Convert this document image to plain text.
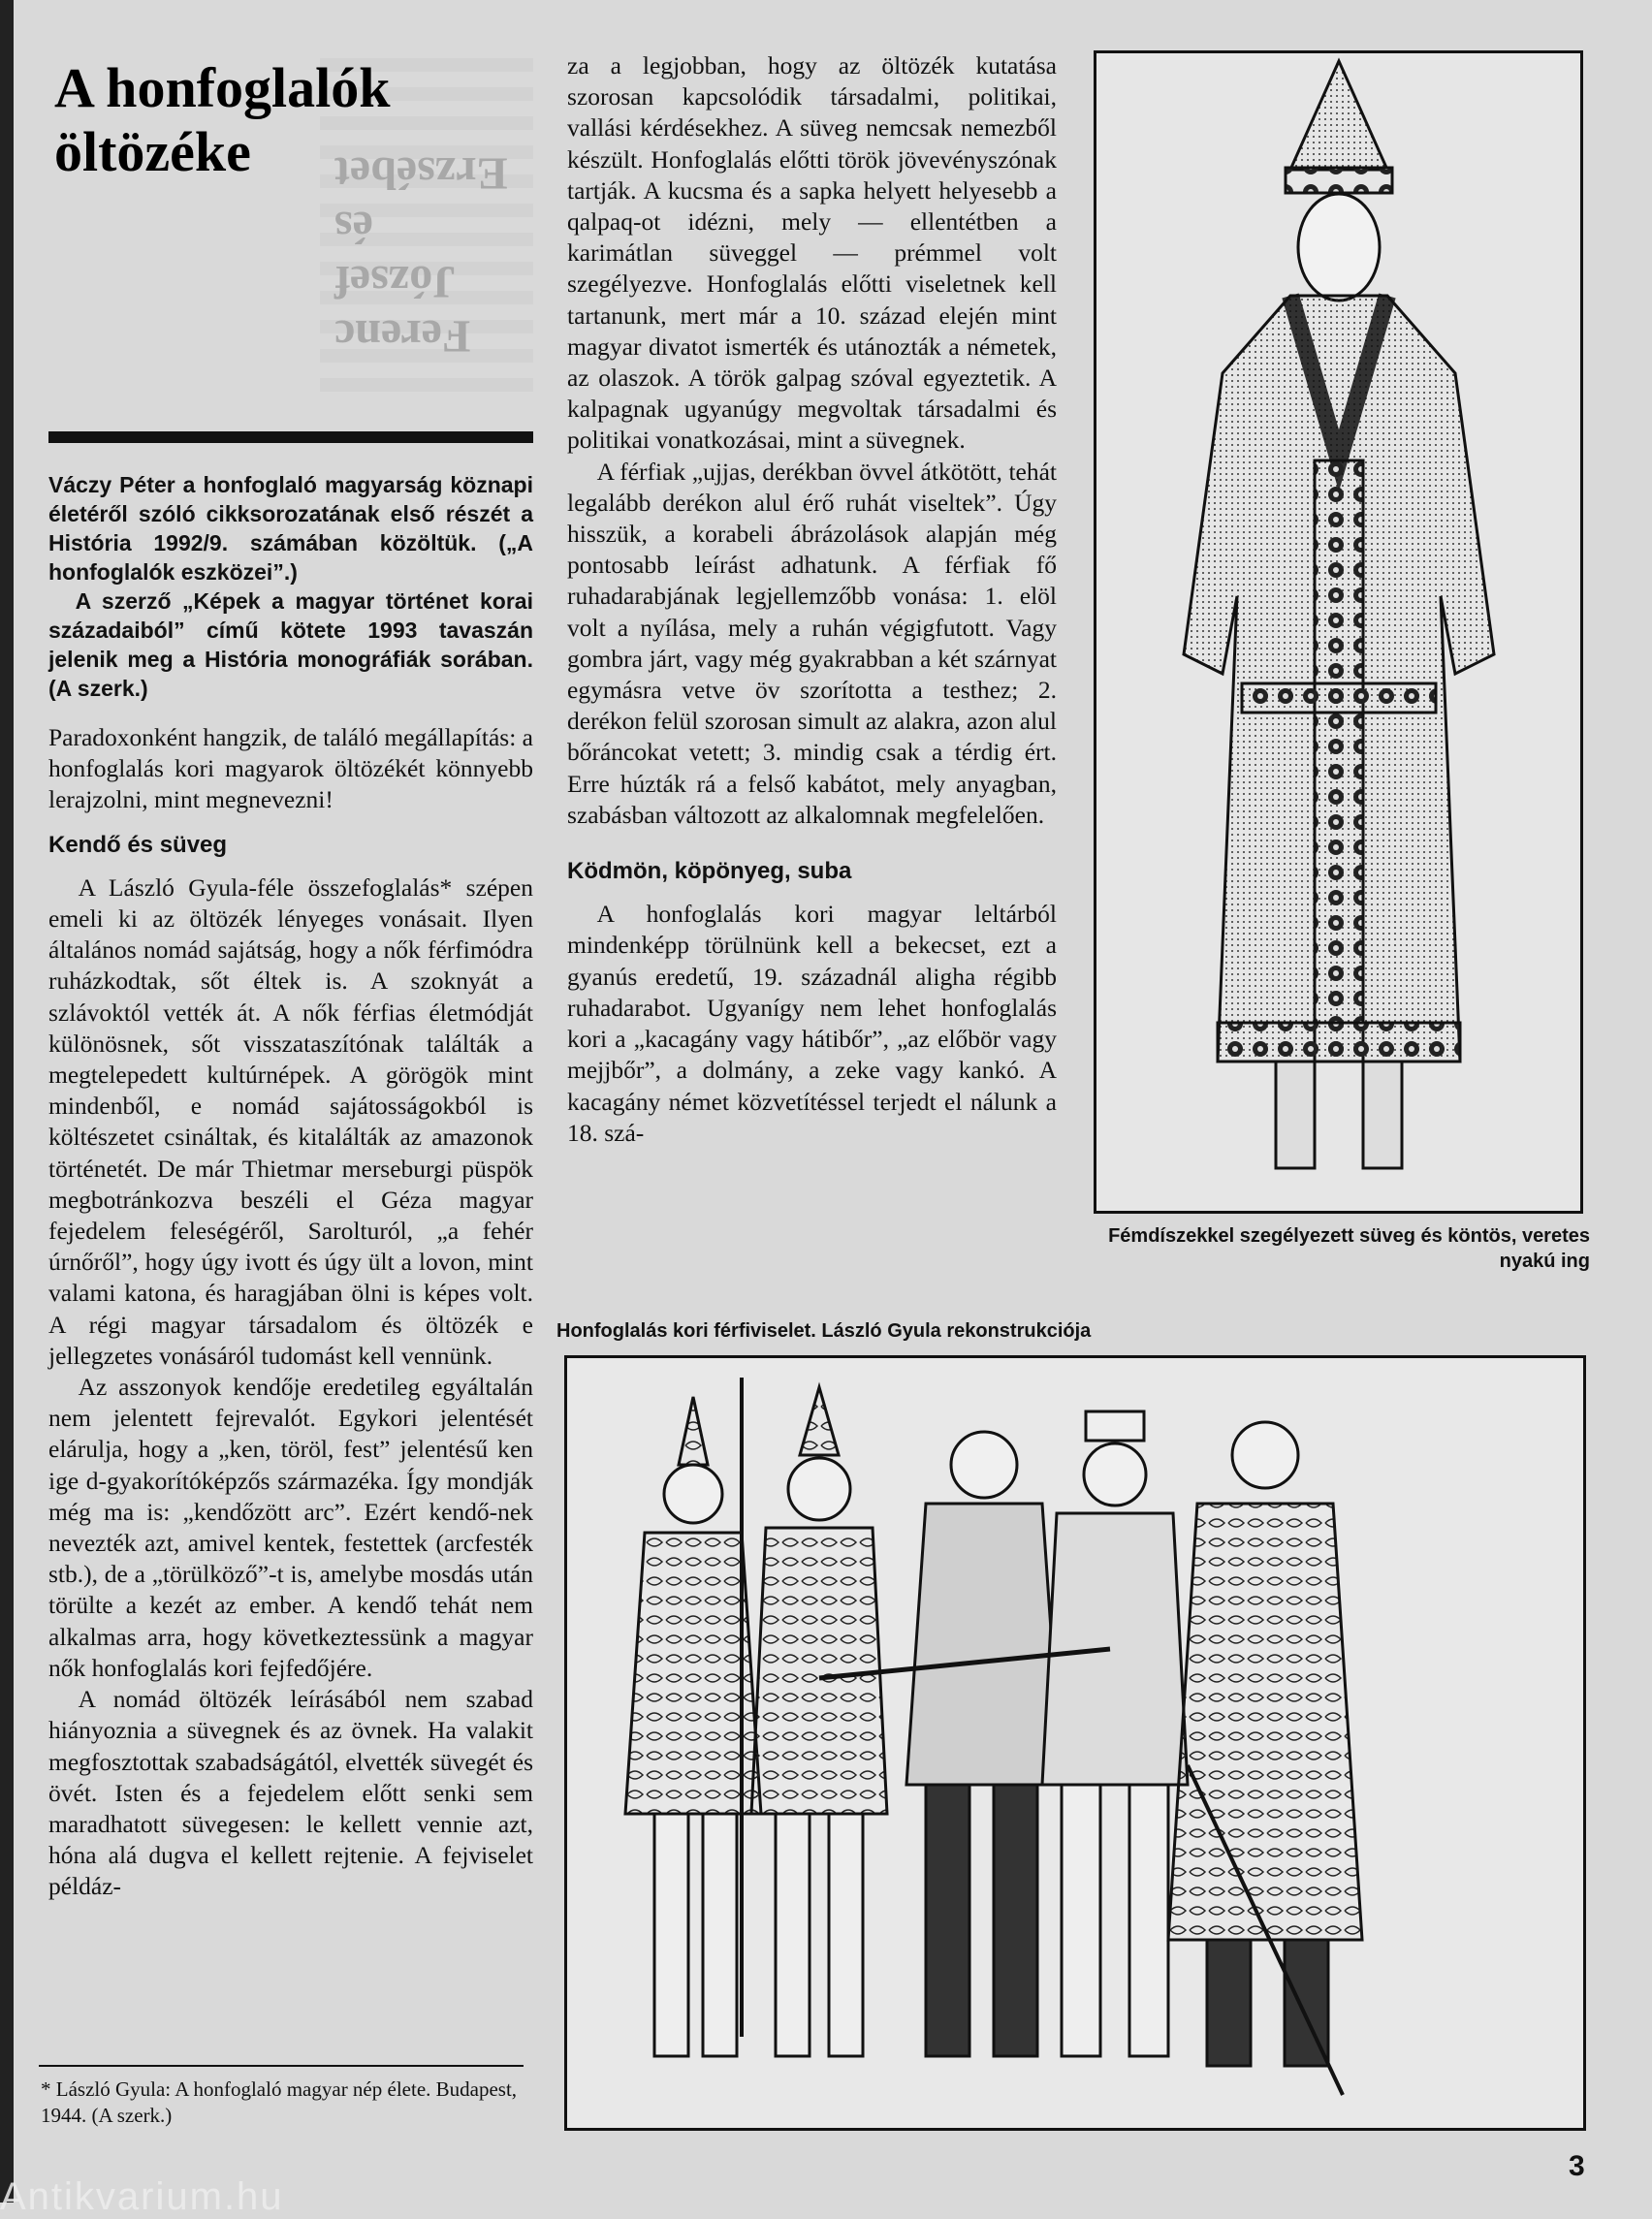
Ferenc József
és Erzsébet
A honfoglalók
öltözéke

Váczy Péter a honfoglaló magyarság köznapi életéről szóló cikksorozatának első részét a História 1992/9. számában közöltük. („A honfoglalók eszközei”.)

A szerző „Képek a magyar történet korai századaiból” című kötete 1993 tavaszán jelenik meg a História monográfiák sorában. (A szerk.)

Paradoxonként hangzik, de találó megállapítás: a honfoglalás kori magyarok öltözékét könnyebb lerajzolni, mint megnevezni!

Kendő és süveg

A László Gyula-féle összefoglalás* szépen emeli ki az öltözék lényeges vonásait. Ilyen általános nomád sajátság, hogy a nők férfimódra ruházkodtak, sőt éltek is. A szoknyát a szlávoktól vették át. A nők férfias életmódját különösnek, sőt visszataszítónak találták a megtelepedett kultúrnépek. A görögök mint mindenből, e nomád sajátosságokból is költészetet csináltak, és kitalálták az amazonok történetét. De már Thietmar merseburgi püspök megbotránkozva beszéli el Géza magyar fejedelem feleségéről, Sarolturól, „a fehér úrnőről”, hogy úgy ivott és úgy ült a lovon, mint valami katona, és haragjában ölni is képes volt. A régi magyar társadalom és öltözék e jellegzetes vonásáról tudomást kell vennünk.

Az asszonyok kendője eredetileg egyáltalán nem jelentett fejrevalót. Egykori jelentését elárulja, hogy a „ken, töröl, fest” jelentésű ken ige d-gyakorítóképzős származéka. Így mondják még ma is: „kendőzött arc”. Ezért kendő-nek nevezték azt, amivel kentek, festettek (arcfesték stb.), de a „törülköző”-t is, amelybe mosdás után törülte a kezét az ember. A kendő tehát nem alkalmas arra, hogy következtessünk a magyar nők honfoglalás kori fejfedőjére.

A nomád öltözék leírásából nem szabad hiányoznia a süvegnek és az övnek. Ha valakit megfosztottak szabadságától, elvették süvegét és övét. Isten és a fejedelem előtt senki sem maradhatott süvegesen: le kellett vennie azt, hóna alá dugva el kellett rejtenie. A fejviselet példáz-

za a legjobban, hogy az öltözék kutatása szorosan kapcsolódik társadalmi, politikai, vallási kérdésekhez. A süveg nemcsak nemezből készült. Honfoglalás előtti török jövevényszónak tartják. A kucsma és a sapka helyett helyesebb a qalpaq-ot idézni, mely — ellentétben a karimátlan süveggel — prémmel volt szegélyezve. Honfoglalás előtti viseletnek kell tartanunk, mert már a 10. század elején mint magyar divatot ismerték és utánozták a németek, az olaszok. A török galpag szóval egyeztetik. A kalpagnak ugyanúgy megvoltak társadalmi és politikai vonatkozásai, mint a süvegnek.

A férfiak „ujjas, derékban övvel átkötött, tehát legalább derékon alul érő ruhát viseltek”. Úgy hisszük, a korabeli ábrázolások alapján még pontosabb leírást adhatunk. A férfiak fő ruhadarabjának legjellemzőbb vonása: 1. elöl volt a nyílása, mely a ruhán végigfutott. Vagy gombra járt, vagy még gyakrabban a két szárnyat egymásra vetve öv szorította a testhez; 2. derékon felül szorosan simult az alakra, azon alul bőráncokat vetett; 3. mindig csak a térdig ért. Erre húzták rá a felső kabátot, mely anyagban, szabásban változott az alkalomnak megfelelően.

Ködmön, köpönyeg, suba

A honfoglalás kori magyar leltárból mindenképp törülnünk kell a bekecset, ezt a gyanús eredetű, 19. századnál aligha régibb ruhadarabot. Ugyanígy nem lehet honfoglalás kori a „kacagány vagy hátibőr”, „az előbör vagy mejjbőr”, a dolmány, a zeke vagy kankó. A kacagány német közvetítéssel terjedt el nálunk a 18. szá-

* László Gyula: A honfoglaló magyar nép élete. Budapest, 1944. (A szerk.)
Fémdíszekkel szegélyezett süveg és köntös, veretes nyakú ing
Honfoglalás kori férfiviselet. László Gyula rekonstrukciója
3
Antikvarium.hu
